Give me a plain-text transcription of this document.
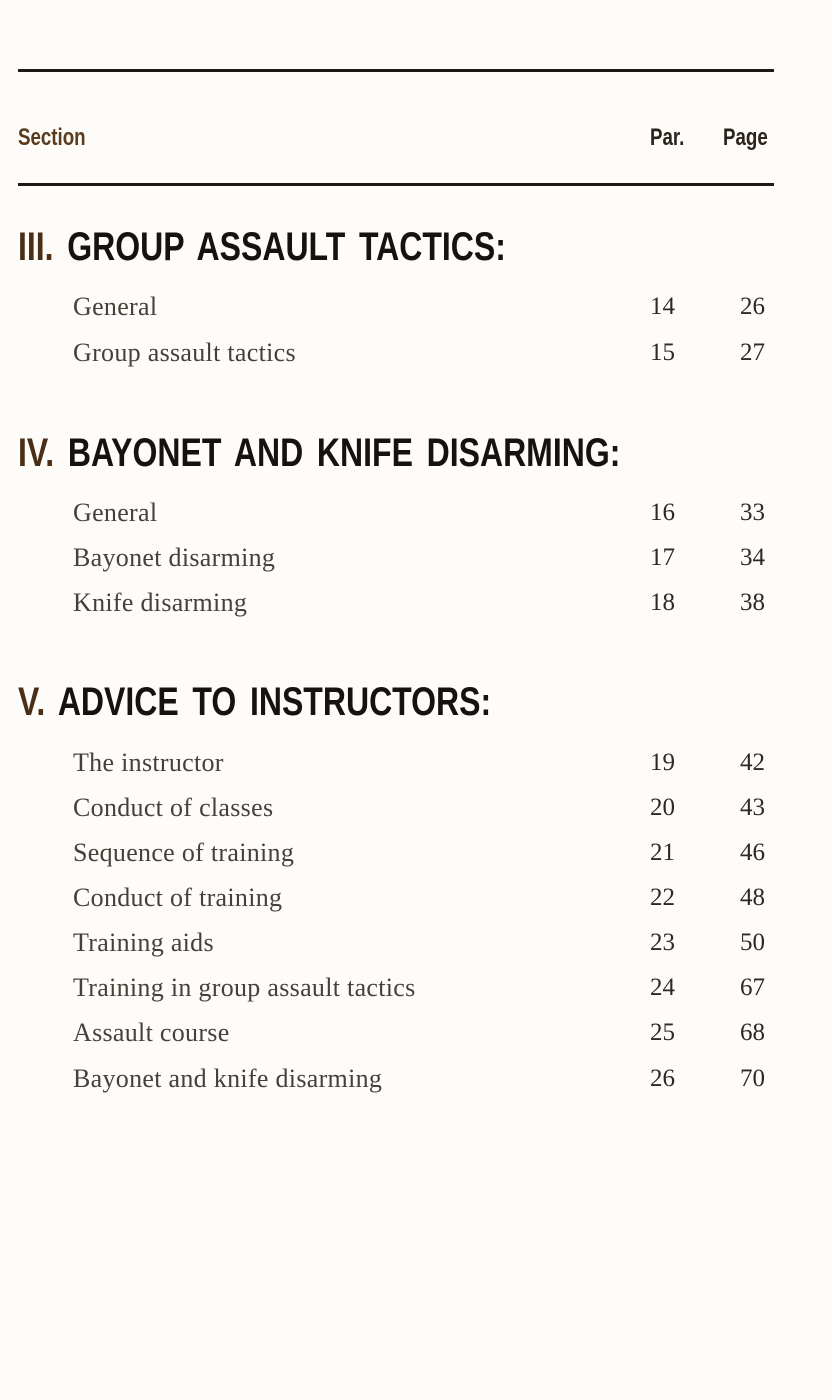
Section	Par. Page
III. GROUP ASSAULT TACTICS:
General	14	26
Group assault tactics	15	27
IV. BAYONET AND KNIFE DISARMING:
General	16	33
Bayonet disarming	17	34
Knife disarming	18	38
V. ADVICE TO INSTRUCTORS:
The instructor	19	42
Conduct of classes	20	43
Sequence of training	21	46
Conduct of training	22	48
Training aids	23	50
Training in group assault tactics	24	67
Assault course	25	68
Bayonet and knife disarming	26	70
